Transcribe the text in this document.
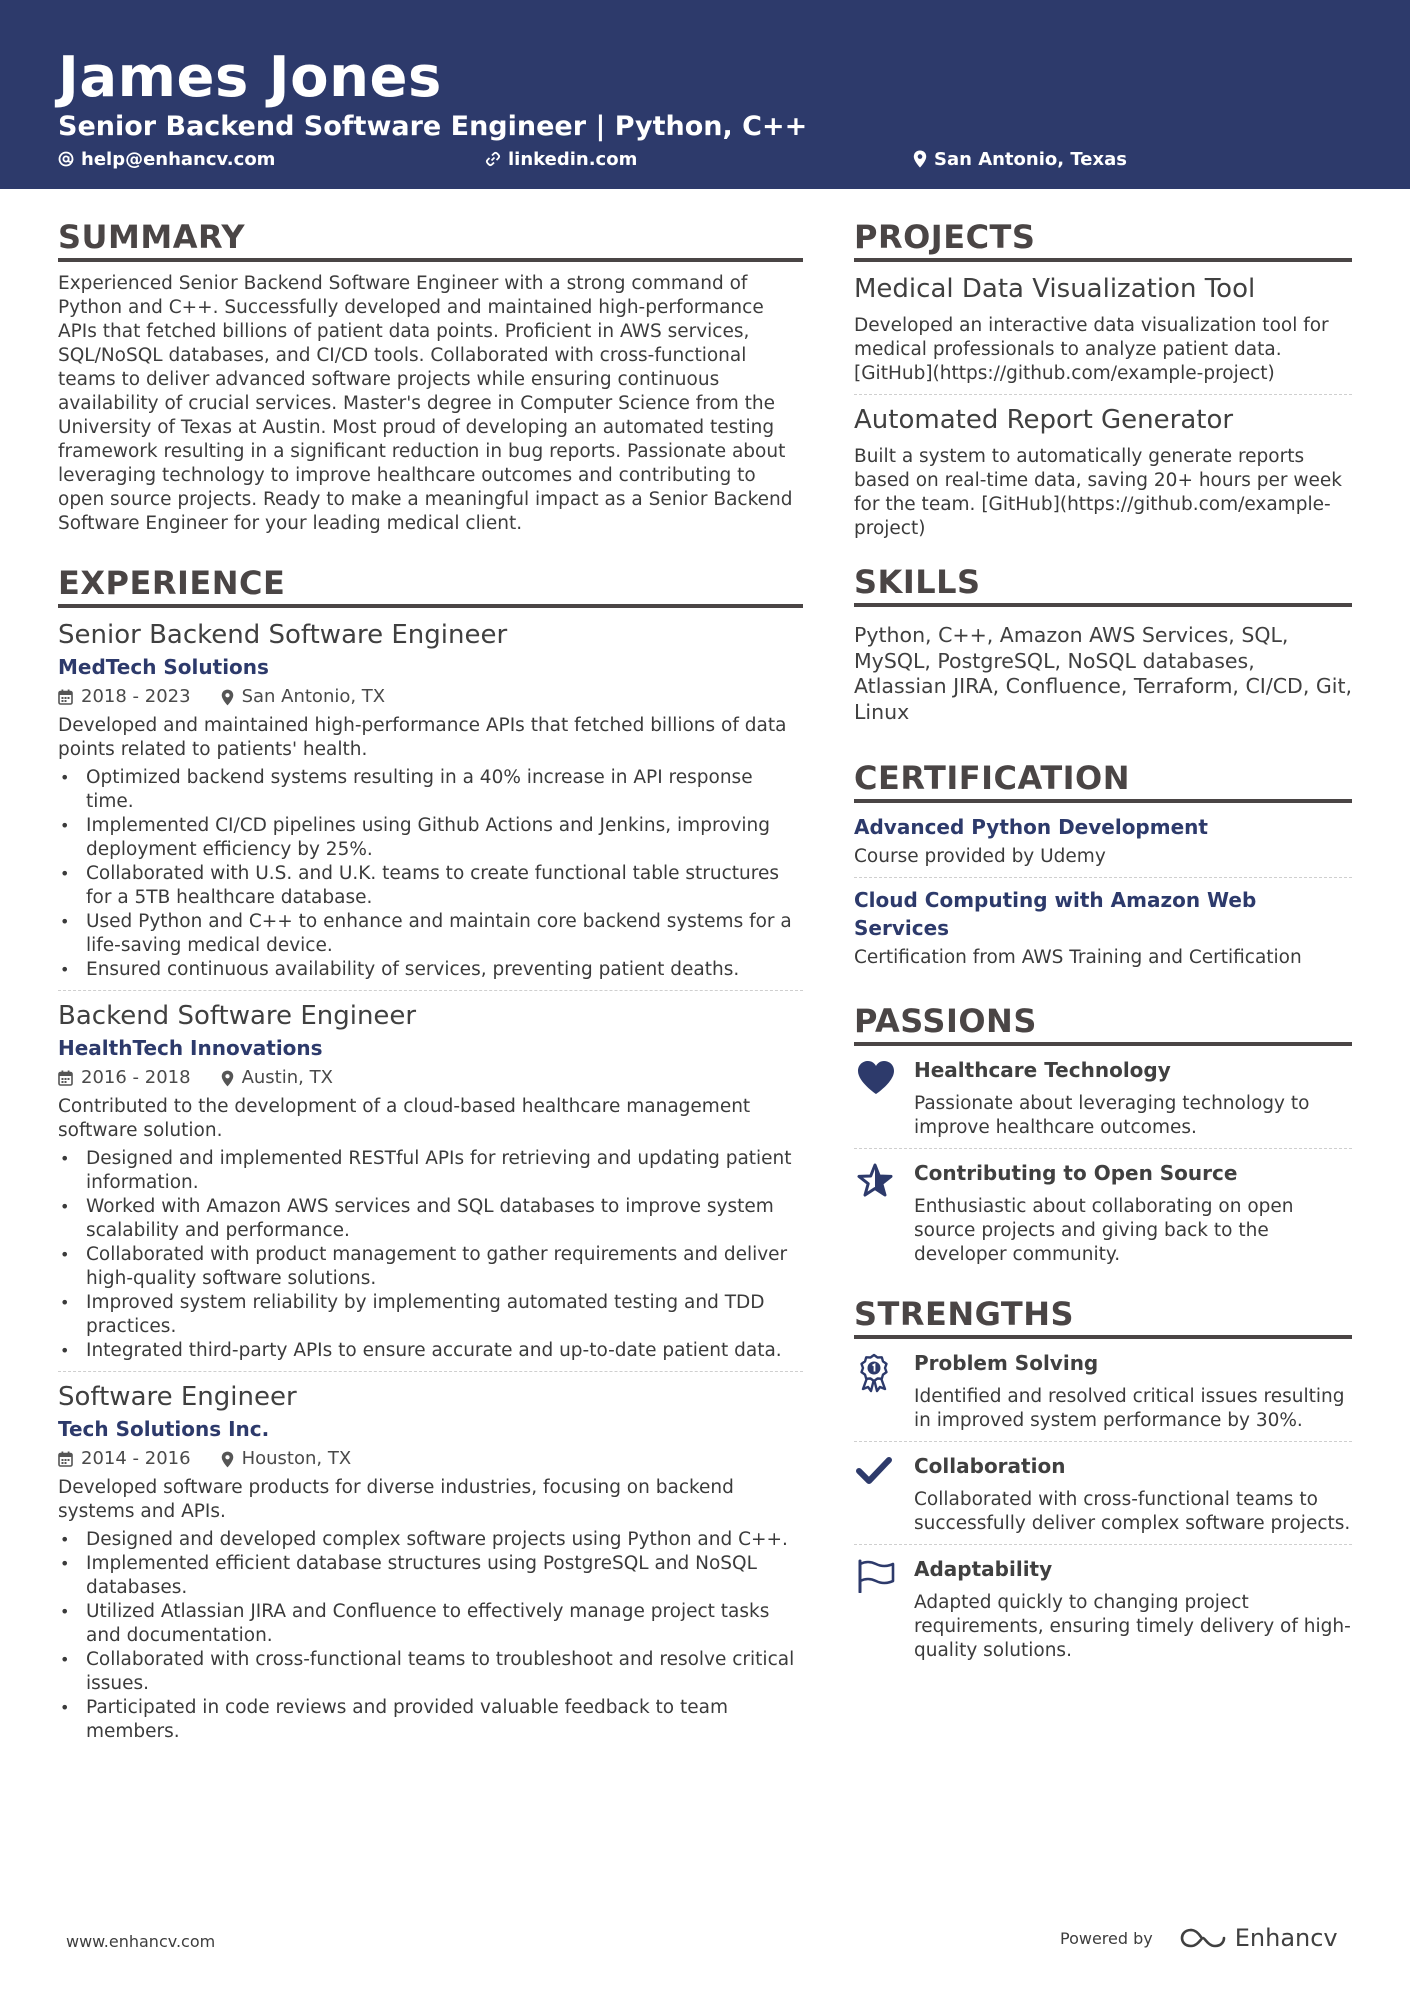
James Jones
Senior Backend Software Engineer | Python, C++
help@enhancv.com	linkedin.com	San Antonio, Texas
SUMMARY
Experienced Senior Backend Software Engineer with a strong command of Python and C++. Successfully developed and maintained high-performance APIs that fetched billions of patient data points. Proficient in AWS services, SQL/NoSQL databases, and CI/CD tools. Collaborated with cross-functional teams to deliver advanced software projects while ensuring continuous availability of crucial services. Master's degree in Computer Science from the University of Texas at Austin. Most proud of developing an automated testing framework resulting in a significant reduction in bug reports. Passionate about leveraging technology to improve healthcare outcomes and contributing to open source projects. Ready to make a meaningful impact as a Senior Backend Software Engineer for your leading medical client.
EXPERIENCE
Senior Backend Software Engineer
MedTech Solutions
2018 - 2023	San Antonio, TX
Developed and maintained high-performance APIs that fetched billions of data points related to patients' health.
• Optimized backend systems resulting in a 40% increase in API response time.
• Implemented CI/CD pipelines using Github Actions and Jenkins, improving deployment efficiency by 25%.
• Collaborated with U.S. and U.K. teams to create functional table structures for a 5TB healthcare database.
• Used Python and C++ to enhance and maintain core backend systems for a life-saving medical device.
• Ensured continuous availability of services, preventing patient deaths.
Backend Software Engineer
HealthTech Innovations
2016 - 2018	Austin, TX
Contributed to the development of a cloud-based healthcare management software solution.
• Designed and implemented RESTful APIs for retrieving and updating patient information.
• Worked with Amazon AWS services and SQL databases to improve system scalability and performance.
• Collaborated with product management to gather requirements and deliver high-quality software solutions.
• Improved system reliability by implementing automated testing and TDD practices.
• Integrated third-party APIs to ensure accurate and up-to-date patient data.
Software Engineer
Tech Solutions Inc.
2014 - 2016	Houston, TX
Developed software products for diverse industries, focusing on backend systems and APIs.
• Designed and developed complex software projects using Python and C++.
• Implemented efficient database structures using PostgreSQL and NoSQL databases.
• Utilized Atlassian JIRA and Confluence to effectively manage project tasks and documentation.
• Collaborated with cross-functional teams to troubleshoot and resolve critical issues.
• Participated in code reviews and provided valuable feedback to team members.
PROJECTS
Medical Data Visualization Tool
Developed an interactive data visualization tool for medical professionals to analyze patient data. [GitHub](https://github.com/example-project)
Automated Report Generator
Built a system to automatically generate reports based on real-time data, saving 20+ hours per week for the team. [GitHub](https://github.com/example-project)
SKILLS
Python, C++, Amazon AWS Services, SQL, MySQL, PostgreSQL, NoSQL databases, Atlassian JIRA, Confluence, Terraform, CI/CD, Git, Linux
CERTIFICATION
Advanced Python Development
Course provided by Udemy
Cloud Computing with Amazon Web Services
Certification from AWS Training and Certification
PASSIONS
Healthcare Technology
Passionate about leveraging technology to improve healthcare outcomes.
Contributing to Open Source
Enthusiastic about collaborating on open source projects and giving back to the developer community.
STRENGTHS
Problem Solving
Identified and resolved critical issues resulting in improved system performance by 30%.
Collaboration
Collaborated with cross-functional teams to successfully deliver complex software projects.
Adaptability
Adapted quickly to changing project requirements, ensuring timely delivery of high-quality solutions.
www.enhancv.com	Powered by	Enhancv
